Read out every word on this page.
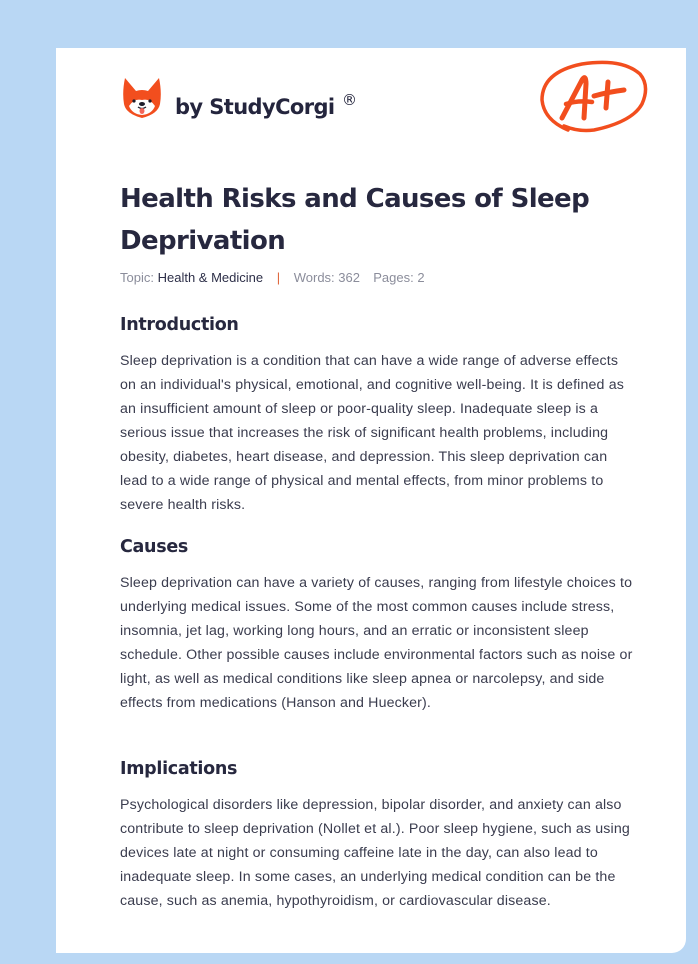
by StudyCorgi ®
Health Risks and Causes of Sleep Deprivation
Topic: Health & Medicine | Words: 362 Pages: 2
Introduction

Sleep deprivation is a condition that can have a wide range of adverse effects on an individual's physical, emotional, and cognitive well-being. It is defined as an insufficient amount of sleep or poor-quality sleep. Inadequate sleep is a serious issue that increases the risk of significant health problems, including obesity, diabetes, heart disease, and depression. This sleep deprivation can lead to a wide range of physical and mental effects, from minor problems to severe health risks.

Causes

Sleep deprivation can have a variety of causes, ranging from lifestyle choices to underlying medical issues. Some of the most common causes include stress, insomnia, jet lag, working long hours, and an erratic or inconsistent sleep schedule. Other possible causes include environmental factors such as noise or light, as well as medical conditions like sleep apnea or narcolepsy, and side effects from medications (Hanson and Huecker).

Implications

Psychological disorders like depression, bipolar disorder, and anxiety can also contribute to sleep deprivation (Nollet et al.). Poor sleep hygiene, such as using devices late at night or consuming caffeine late in the day, can also lead to inadequate sleep. In some cases, an underlying medical condition can be the cause, such as anemia, hypothyroidism, or cardiovascular disease.
